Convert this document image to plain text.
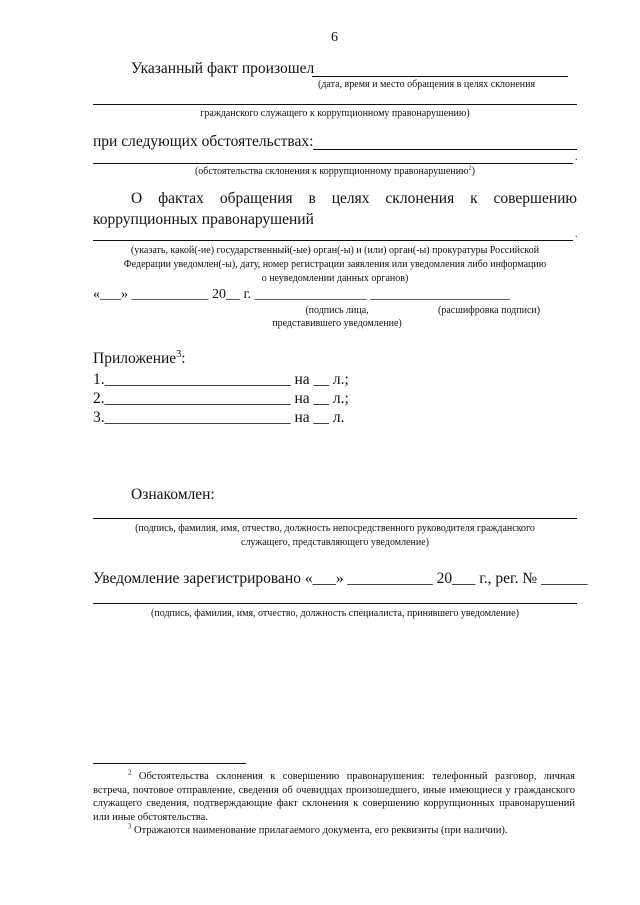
6
Указанный факт произошел
(дата, время и место обращения в целях склонения
гражданского служащего к коррупционному правонарушению)
при следующих обстоятельствах:
.
(обстоятельства склонения к коррупционному правонарушению$^2$)
О фактах обращения в целях склонения к совершению
коррупционных правонарушений
.
(указать, какой(-ие) государственный(-ые) орган(-ы) и (или) орган(-ы) прокуратуры Российской
Федерации уведомлен(-ы), дату, номер регистрации заявления или уведомления либо информацию
о неуведомлении данных органов)
«___» ___________ 20__ г. ________________ ____________________
(подпись лица,
представившего уведомление)
(расшифровка подписи)
Приложение$^3$:
1.________________________ на __ л.;
2.________________________ на __ л.;
3.________________________ на __ л.
Ознакомлен:
(подпись, фамилия, имя, отчество, должность непосредственного руководителя гражданского
служащего, представляющего уведомление)
Уведомление зарегистрировано «___» ___________ 20___ г., рег. № ______
(подпись, фамилия, имя, отчество, должность специалиста, принявшего уведомление)
$^2$ Обстоятельства склонения к совершению правонарушения: телефонный разговор, личная встреча, почтовое отправление, сведения об очевидцах произошедшего, иные имеющиеся у гражданского служащего сведения, подтверждающие факт склонения к совершению коррупционных правонарушений или иные обстоятельства.
$^3$ Отражаются наименование прилагаемого документа, его реквизиты (при наличии).
